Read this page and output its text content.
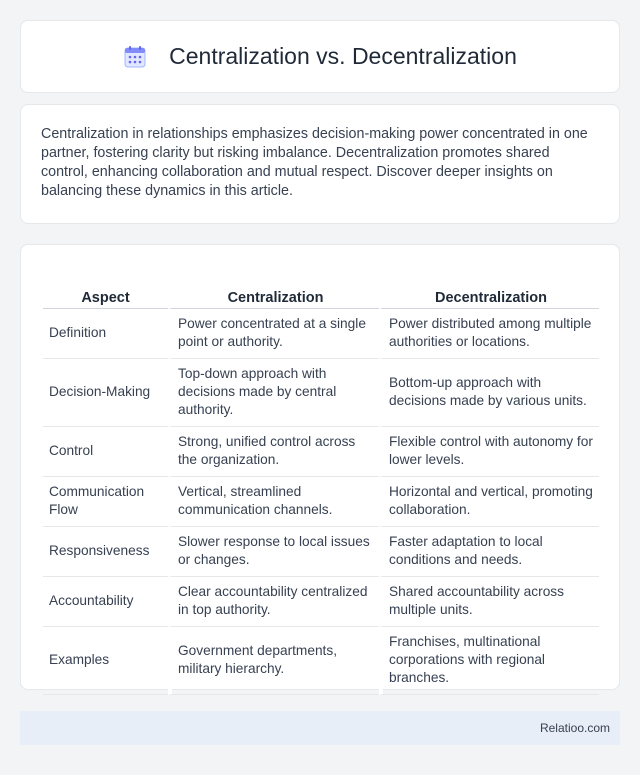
Centralization vs. Decentralization

Centralization in relationships emphasizes decision-making power concentrated in one partner, fostering clarity but risking imbalance. Decentralization promotes shared control, enhancing collaboration and mutual respect. Discover deeper insights on balancing these dynamics in this article.

Aspect	Centralization	Decentralization
Definition	Power concentrated at a single point or authority.	Power distributed among multiple authorities or locations.
Decision-Making	Top-down approach with decisions made by central authority.	Bottom-up approach with decisions made by various units.
Control	Strong, unified control across the organization.	Flexible control with autonomy for lower levels.
Communication Flow	Vertical, streamlined communication channels.	Horizontal and vertical, promoting collaboration.
Responsiveness	Slower response to local issues or changes.	Faster adaptation to local conditions and needs.
Accountability	Clear accountability centralized in top authority.	Shared accountability across multiple units.
Examples	Government departments, military hierarchy.	Franchises, multinational corporations with regional branches.
Relatioo.com
